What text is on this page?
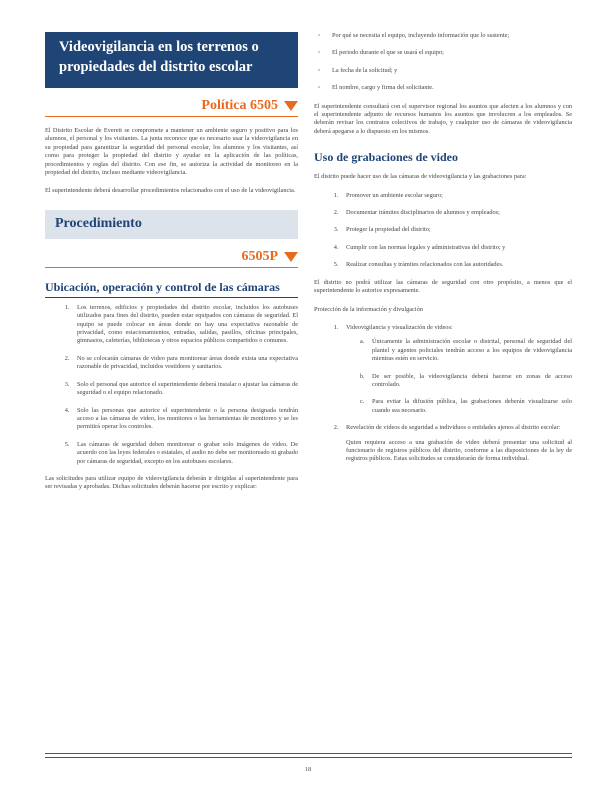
Videovigilancia en los terrenos o propiedades del distrito escolar
Política 6505

El Distrito Escolar de Everett se compromete a mantener un ambiente seguro y positivo para los alumnos, el personal y los visitantes. La junta reconoce que es necesario usar la videovigilancia en su propiedad para garantizar la seguridad del personal escolar, los alumnos y los visitantes, así como para proteger la propiedad del distrito y ayudar en la aplicación de las políticas, procedimientos y reglas del distrito. Con ese fin, se autoriza la actividad de monitoreo en la propiedad del distrito, incluso mediante videovigilancia.

El superintendente deberá desarrollar procedimientos relacionados con el uso de la videovigilancia.

Procedimiento
6505P
Ubicación, operación y control de las cámaras
1. Los terrenos, edificios y propiedades del distrito escolar, incluidos los autobuses utilizados para fines del distrito, pueden estar equipados con cámaras de seguridad. El equipo se puede colocar en áreas donde no hay una expectativa razonable de privacidad, como estacionamientos, entradas, salidas, pasillos, oficinas principales, gimnasios, cafeterías, bibliotecas y otros espacios públicos compartidos o comunes.
2. No se colocarán cámaras de video para monitorear áreas donde exista una expectativa razonable de privacidad, incluidos vestidores y sanitarios.
3. Solo el personal que autorice el superintendente deberá instalar o ajustar las cámaras de seguridad o el equipo relacionado.
4. Solo las personas que autorice el superintendente o la persona designada tendrán acceso a las cámaras de video, los monitores o las herramientas de monitoreo y se les permitirá operar los controles.
5. Las cámaras de seguridad deben monitorear o grabar solo imágenes de video. De acuerdo con las leyes federales o estatales, el audio no debe ser monitoreado ni grabado por cámaras de seguridad, excepto en los autobuses escolares.

Las solicitudes para utilizar equipo de videovigilancia deberán ir dirigidas al superintendente para ser revisadas y aprobadas. Dichas solicitudes deberán hacerse por escrito y explicar:

▫ Por qué se necesita el equipo, incluyendo información que lo sustente;
▫ El periodo durante el que se usará el equipo;
▫ La fecha de la solicitud; y
▫ El nombre, cargo y firma del solicitante.

El superintendente consultará con el supervisor regional los asuntos que afecten a los alumnos y con el superintendente adjunto de recursos humanos los asuntos que involucren a los empleados. Se deberán revisar los contratos colectivos de trabajo, y cualquier uso de cámaras de videovigilancia deberá apegarse a lo dispuesto en los mismos.

Uso de grabaciones de video

El distrito puede hacer uso de las cámaras de videovigilancia y las grabaciones para:

1. Promover un ambiente escolar seguro;
2. Documentar trámites disciplinarios de alumnos y empleados;
3. Proteger la propiedad del distrito;
4. Cumplir con las normas legales y administrativas del distrito; y
5. Realizar consultas y trámites relacionados con las autoridades.

El distrito no podrá utilizar las cámaras de seguridad con otro propósito, a menos que el superintendente lo autorice expresamente.

Protección de la información y divulgación

1. Videovigilancia y visualización de videos:
a. Únicamente la administración escolar o distrital, personal de seguridad del plantel y agentes policiales tendrán acceso a los equipos de videovigilancia mientras estén en servicio.
b. De ser posible, la videovigilancia deberá hacerse en zonas de acceso controlado.
c. Para evitar la difusión pública, las grabaciones deberán visualizarse solo cuando sea necesario.
2. Revelación de videos de seguridad a individuos o entidades ajenos al distrito escolar:

Quien requiera acceso a una grabación de video deberá presentar una solicitud al funcionario de registros públicos del distrito, conforme a las disposiciones de la ley de registros públicos. Estas solicitudes se considerarán de forma individual.

18
